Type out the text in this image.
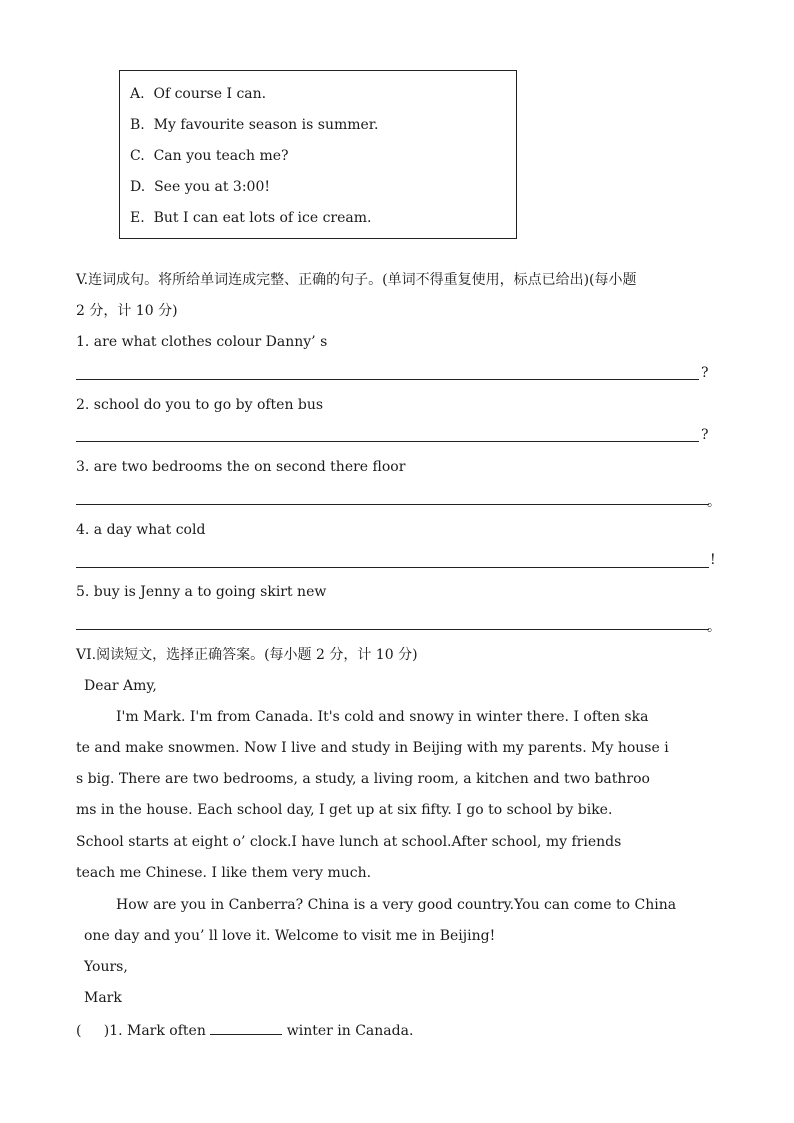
A.  Of course I can.
B.  My favourite season is summer.
C.  Can you teach me?
D.  See you at 3:00!
E.  But I can eat lots of ice cream.
V.连词成句。将所给单词连成完整、正确的句子。(单词不得重复使用，标点已给出)(每小题
2 分，计 10 分)
1. are what clothes colour Danny’ s
?
2. school do you to go by often bus
?
3. are two bedrooms the on second there floor
。
4. a day what cold
!
5. buy is Jenny a to going skirt new
。
VI.阅读短文，选择正确答案。(每小题 2 分，计 10 分)
Dear Amy,
I'm Mark. I'm from Canada. It's cold and snowy in winter there. I often ska
te and make snowmen. Now I live and study in Beijing with my parents. My house i
s big. There are two bedrooms, a study, a living room, a kitchen and two bathroo
ms in the house. Each school day, I get up at six fifty. I go to school by bike.
School starts at eight o’ clock.I have lunch at school.After school, my friends
teach me Chinese. I like them very much.
How are you in Canberra? China is a very good country.You can come to China
one day and you’ ll love it. Welcome to visit me in Beijing!
Yours,
Mark
(     )1. Mark often	winter in Canada.
